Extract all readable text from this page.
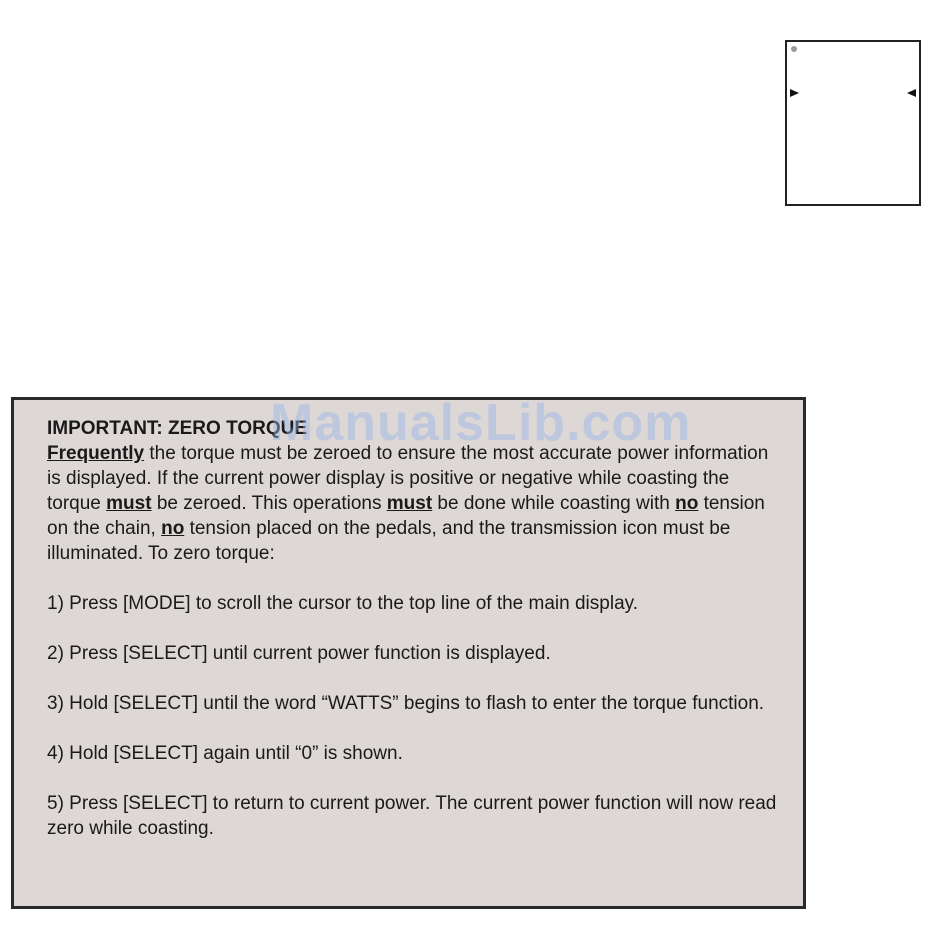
IMPORTANT: ZERO TORQUE

Frequently the torque must be zeroed to ensure the most accurate power information is displayed. If the current power display is positive or negative while coasting the torque must be zeroed. This operations must be done while coasting with no tension on the chain, no tension placed on the pedals, and the transmission icon must be illuminated. To zero torque:

1) Press [MODE] to scroll the cursor to the top line of the main display.

2) Press [SELECT] until current power function is displayed.

3) Hold [SELECT] until the word “WATTS” begins to flash to enter the torque function.

4) Hold [SELECT] again until “0” is shown.

5) Press [SELECT] to return to current power. The current power function will now read zero while coasting.

ManualsLib.com
